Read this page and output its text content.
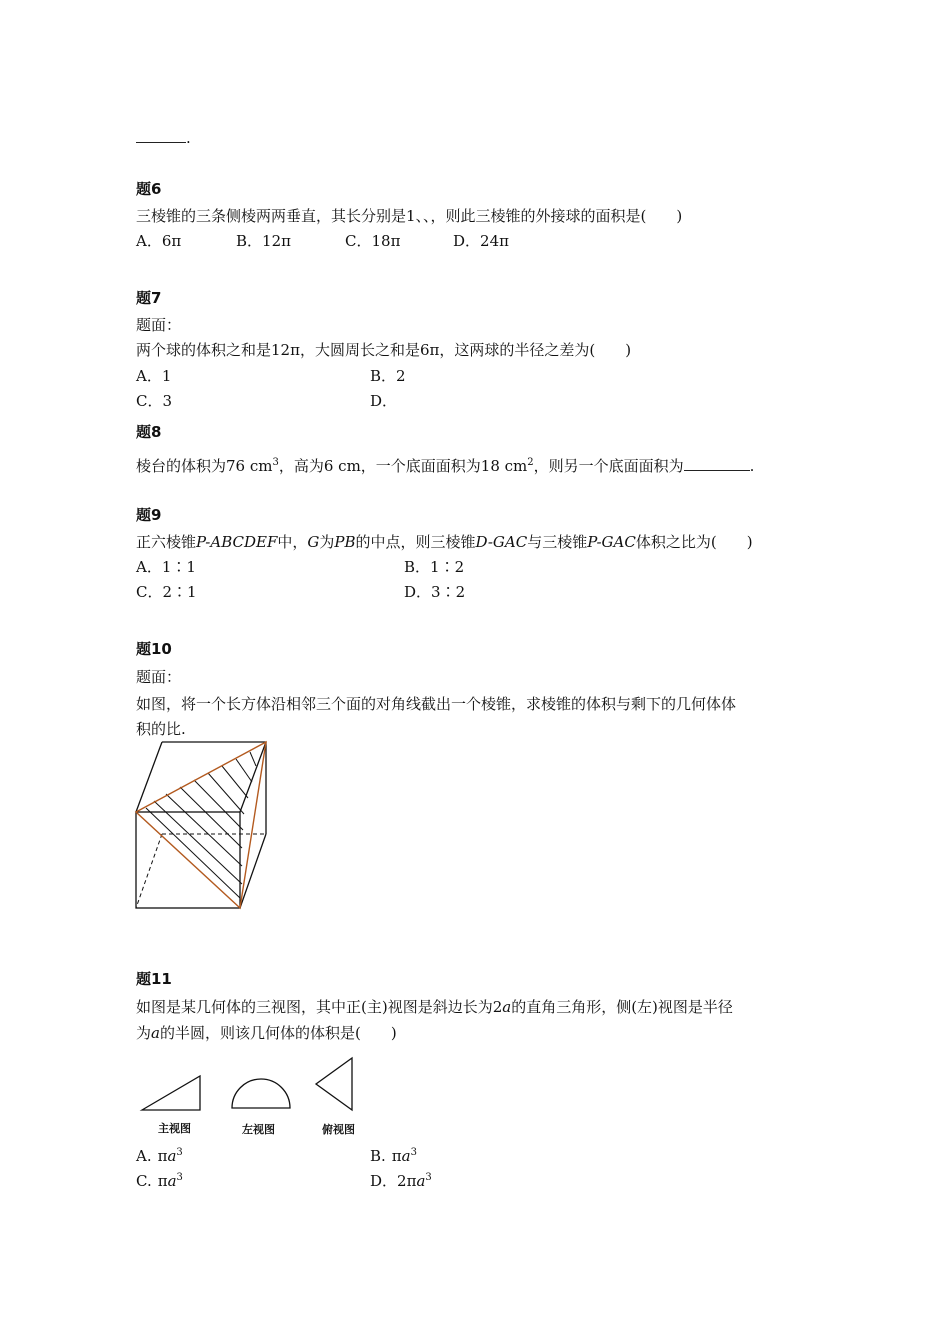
.
题6
三棱锥的三条侧棱两两垂直，其长分别是1、、，则此三棱锥的外接球的面积是(　　)
A．6π	B．12π	C．18π	D．24π
题7
题面：
两个球的体积之和是12π，大圆周长之和是6π，这两球的半径之差为(　　)
A．1	B．2
C．3	D．
题8
棱台的体积为76 $cm^3$，高为6 cm，一个底面面积为18 $cm^2$，则另一个底面面积为	.
题9
正六棱锥P-ABCDEF中，G为PB的中点，则三棱锥D-GAC与三棱锥P-GAC体积之比为(　　)
A．1∶1	B．1∶2
C．2∶1	D．3∶2
题10
题面：
如图，将一个长方体沿相邻三个面的对角线截出一个棱锥，求棱锥的体积与剩下的几何体体
积的比.
题11
如图是某几何体的三视图，其中正(主)视图是斜边长为2a的直角三角形，侧(左)视图是半径
为a的半圆，则该几何体的体积是(　　)
主视图	左视图	俯视图
A. $\pi a^3$	B. $\pi a^3$
C. $\pi a^3$	D．$2\pi a^3$
